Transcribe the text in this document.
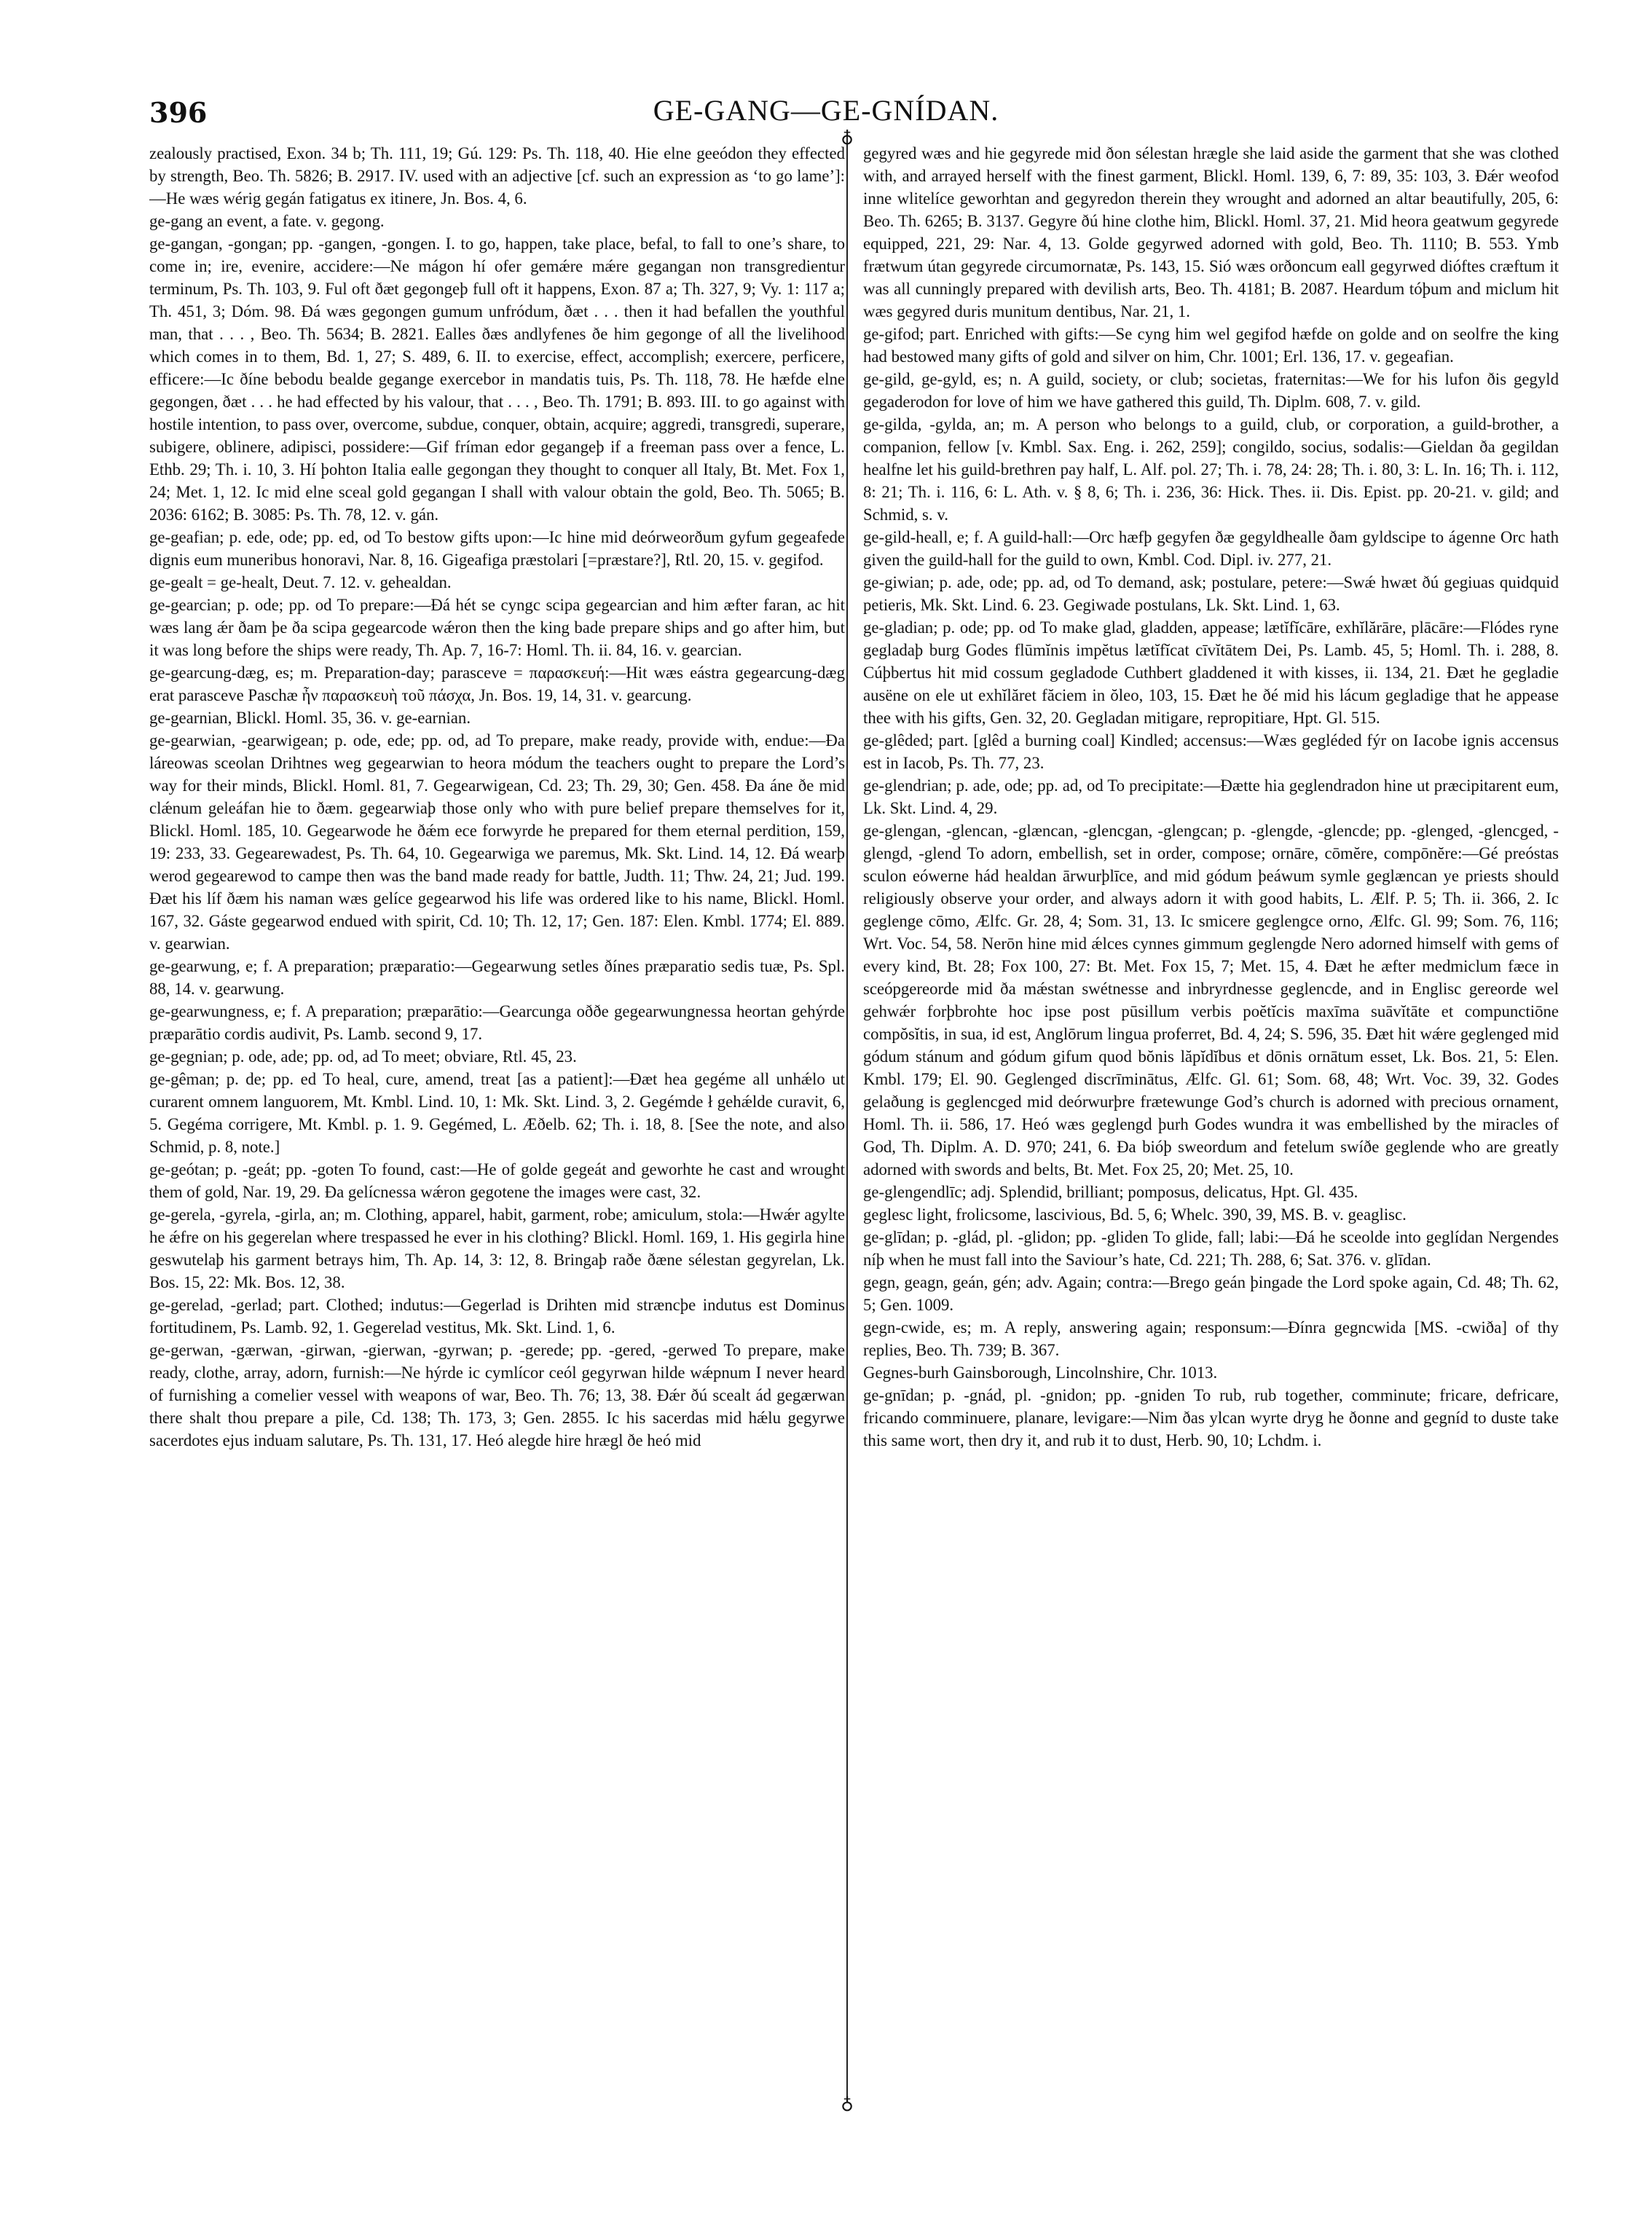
396	GE-GANG—GE-GNÍDAN.
♁
♁

zealously practised, Exon. 34 b; Th. 111, 19; Gú. 129: Ps. Th. 118, 40. Hie elne geeódon they effected by strength, Beo. Th. 5826; B. 2917. IV. used with an adjective [cf. such an expression as ‘to go lame’]:—He wæs wérig gegán fatigatus ex itinere, Jn. Bos. 4, 6.

ge-gang an event, a fate. v. gegong.

ge-gangan, -gongan; pp. -gangen, -gongen. I. to go, happen, take place, befal, to fall to one’s share, to come in; ire, evenire, accidere:—Ne mágon hí ofer gemǽre mǽre gegangan non transgredientur terminum, Ps. Th. 103, 9. Ful oft ðæt gegongeþ full oft it happens, Exon. 87 a; Th. 327, 9; Vy. 1: 117 a; Th. 451, 3; Dóm. 98. Ðá wæs gegongen gumum unfródum, ðæt . . . then it had befallen the youthful man, that . . . , Beo. Th. 5634; B. 2821. Ealles ðæs andlyfenes ðe him gegonge of all the livelihood which comes in to them, Bd. 1, 27; S. 489, 6. II. to exercise, effect, accomplish; exercere, perficere, efficere:—Ic ðíne bebodu bealde gegange exercebor in mandatis tuis, Ps. Th. 118, 78. He hæfde elne gegongen, ðæt . . . he had effected by his valour, that . . . , Beo. Th. 1791; B. 893. III. to go against with hostile intention, to pass over, overcome, subdue, conquer, obtain, acquire; aggredi, transgredi, superare, subigere, oblinere, adipisci, possidere:—Gif fríman edor gegangeþ if a freeman pass over a fence, L. Ethb. 29; Th. i. 10, 3. Hí þohton Italia ealle gegongan they thought to conquer all Italy, Bt. Met. Fox 1, 24; Met. 1, 12. Ic mid elne sceal gold gegangan I shall with valour obtain the gold, Beo. Th. 5065; B. 2036: 6162; B. 3085: Ps. Th. 78, 12. v. gán.

ge-geafian; p. ede, ode; pp. ed, od To bestow gifts upon:—Ic hine mid deórweorðum gyfum gegeafede dignis eum muneribus honoravi, Nar. 8, 16. Gigeafiga præstolari [=præstare?], Rtl. 20, 15. v. gegifod.

ge-gealt = ge-healt, Deut. 7. 12. v. gehealdan.

ge-gearcian; p. ode; pp. od To prepare:—Ðá hét se cyngc scipa gegearcian and him æfter faran, ac hit wæs lang ǽr ðam þe ða scipa gegearcode wǽron then the king bade prepare ships and go after him, but it was long before the ships were ready, Th. Ap. 7, 16-7: Homl. Th. ii. 84, 16. v. gearcian.

ge-gearcung-dæg, es; m. Preparation-day; parasceve = παρασκευή:—Hit wæs eástra gegearcung-dæg erat parasceve Paschæ ἦν παρασκευὴ τοῦ πάσχα, Jn. Bos. 19, 14, 31. v. gearcung.

ge-gearnian, Blickl. Homl. 35, 36. v. ge-earnian.

ge-gearwian, -gearwigean; p. ode, ede; pp. od, ad To prepare, make ready, provide with, endue:—Ða láreowas sceolan Drihtnes weg gegearwian to heora módum the teachers ought to prepare the Lord’s way for their minds, Blickl. Homl. 81, 7. Gegearwigean, Cd. 23; Th. 29, 30; Gen. 458. Ða áne ðe mid clǽnum geleáfan hie to ðæm. gegearwiaþ those only who with pure belief prepare themselves for it, Blickl. Homl. 185, 10. Gegearwode he ðǽm ece forwyrde he prepared for them eternal perdition, 159, 19: 233, 33. Gegearewadest, Ps. Th. 64, 10. Gegearwiga we paremus, Mk. Skt. Lind. 14, 12. Ðá wearþ werod gegearewod to campe then was the band made ready for battle, Judth. 11; Thw. 24, 21; Jud. 199. Ðæt his líf ðæm his naman wæs gelíce gegearwod his life was ordered like to his name, Blickl. Homl. 167, 32. Gáste gegearwod endued with spirit, Cd. 10; Th. 12, 17; Gen. 187: Elen. Kmbl. 1774; El. 889. v. gearwian.

ge-gearwung, e; f. A preparation; præparatio:—Gegearwung setles ðínes præparatio sedis tuæ, Ps. Spl. 88, 14. v. gearwung.

ge-gearwungness, e; f. A preparation; præparātio:—Gearcunga oððe gegearwungnessa heortan gehýrde præparātio cordis audivit, Ps. Lamb. second 9, 17.

ge-gegnian; p. ode, ade; pp. od, ad To meet; obviare, Rtl. 45, 23.

ge-gêman; p. de; pp. ed To heal, cure, amend, treat [as a patient]:—Ðæt hea gegéme all unhǽlo ut curarent omnem languorem, Mt. Kmbl. Lind. 10, 1: Mk. Skt. Lind. 3, 2. Gegémde ł gehǽlde curavit, 6, 5. Gegéma corrigere, Mt. Kmbl. p. 1. 9. Gegémed, L. Æðelb. 62; Th. i. 18, 8. [See the note, and also Schmid, p. 8, note.]

ge-geótan; p. -geát; pp. -goten To found, cast:—He of golde gegeát and geworhte he cast and wrought them of gold, Nar. 19, 29. Ða gelícnessa wǽron gegotene the images were cast, 32.

ge-gerela, -gyrela, -girla, an; m. Clothing, apparel, habit, garment, robe; amiculum, stola:—Hwǽr agylte he ǽfre on his gegerelan where trespassed he ever in his clothing? Blickl. Homl. 169, 1. His gegirla hine geswutelaþ his garment betrays him, Th. Ap. 14, 3: 12, 8. Bringaþ raðe ðæne sélestan gegyrelan, Lk. Bos. 15, 22: Mk. Bos. 12, 38.

ge-gerelad, -gerlad; part. Clothed; indutus:—Gegerlad is Drihten mid stræncþe indutus est Dominus fortitudinem, Ps. Lamb. 92, 1. Gegerelad vestitus, Mk. Skt. Lind. 1, 6.

ge-gerwan, -gærwan, -girwan, -gierwan, -gyrwan; p. -gerede; pp. -gered, -gerwed To prepare, make ready, clothe, array, adorn, furnish:—Ne hýrde ic cymlícor ceól gegyrwan hilde wǽpnum I never heard of furnishing a comelier vessel with weapons of war, Beo. Th. 76; 13, 38. Ðǽr ðú scealt ád gegærwan there shalt thou prepare a pile, Cd. 138; Th. 173, 3; Gen. 2855. Ic his sacerdas mid hǽlu gegyrwe sacerdotes ejus induam salutare, Ps. Th. 131, 17. Heó alegde hire hrægl ðe heó mid

gegyred wæs and hie gegyrede mid ðon sélestan hrægle she laid aside the garment that she was clothed with, and arrayed herself with the finest garment, Blickl. Homl. 139, 6, 7: 89, 35: 103, 3. Ðǽr weofod inne wlitelíce geworhtan and gegyredon therein they wrought and adorned an altar beautifully, 205, 6: Beo. Th. 6265; B. 3137. Gegyre ðú hine clothe him, Blickl. Homl. 37, 21. Mid heora geatwum gegyrede equipped, 221, 29: Nar. 4, 13. Golde gegyrwed adorned with gold, Beo. Th. 1110; B. 553. Ymb frætwum útan gegyrede circumornatæ, Ps. 143, 15. Sió wæs orðoncum eall gegyrwed dióftes cræftum it was all cunningly prepared with devilish arts, Beo. Th. 4181; B. 2087. Heardum tóþum and miclum hit wæs gegyred duris munitum dentibus, Nar. 21, 1.

ge-gifod; part. Enriched with gifts:—Se cyng him wel gegifod hæfde on golde and on seolfre the king had bestowed many gifts of gold and silver on him, Chr. 1001; Erl. 136, 17. v. gegeafian.

ge-gild, ge-gyld, es; n. A guild, society, or club; societas, fraternitas:—We for his lufon ðis gegyld gegaderodon for love of him we have gathered this guild, Th. Diplm. 608, 7. v. gild.

ge-gilda, -gylda, an; m. A person who belongs to a guild, club, or corporation, a guild-brother, a companion, fellow [v. Kmbl. Sax. Eng. i. 262, 259]; congildo, socius, sodalis:—Gieldan ða gegildan healfne let his guild-brethren pay half, L. Alf. pol. 27; Th. i. 78, 24: 28; Th. i. 80, 3: L. In. 16; Th. i. 112, 8: 21; Th. i. 116, 6: L. Ath. v. § 8, 6; Th. i. 236, 36: Hick. Thes. ii. Dis. Epist. pp. 20-21. v. gild; and Schmid, s. v.

ge-gild-heall, e; f. A guild-hall:—Orc hæfþ gegyfen ðæ gegyldhealle ðam gyldscipe to ágenne Orc hath given the guild-hall for the guild to own, Kmbl. Cod. Dipl. iv. 277, 21.

ge-giwian; p. ade, ode; pp. ad, od To demand, ask; postulare, petere:—Swǽ hwæt ðú gegiuas quidquid petieris, Mk. Skt. Lind. 6. 23. Gegiwade postulans, Lk. Skt. Lind. 1, 63.

ge-gladian; p. ode; pp. od To make glad, gladden, appease; lætĭfĭcāre, exhĭlărāre, plācāre:—Flódes ryne gegladaþ burg Godes flūmĭnis impĕtus lætĭfĭcat cīvĭtātem Dei, Ps. Lamb. 45, 5; Homl. Th. i. 288, 8. Cúþbertus hit mid cossum gegladode Cuthbert gladdened it with kisses, ii. 134, 21. Ðæt he gegladie ausëne on ele ut exhĭlăret făciem in ŏleo, 103, 15. Ðæt he ðé mid his lácum gegladige that he appease thee with his gifts, Gen. 32, 20. Gegladan mitigare, repropitiare, Hpt. Gl. 515.

ge-glêded; part. [glêd a burning coal] Kindled; accensus:—Wæs gegléded fýr on Iacobe ignis accensus est in Iacob, Ps. Th. 77, 23.

ge-glendrian; p. ade, ode; pp. ad, od To precipitate:—Ðætte hia geglendradon hine ut præcipitarent eum, Lk. Skt. Lind. 4, 29.

ge-glengan, -glencan, -glæncan, -glencgan, -glengcan; p. -glengde, -glencde; pp. -glenged, -glencged, -glengd, -glend To adorn, embellish, set in order, compose; ornāre, cōmĕre, compōnĕre:—Gé preóstas sculon eówerne hád healdan ārwurþlīce, and mid gódum þeáwum symle geglæncan ye priests should religiously observe your order, and always adorn it with good habits, L. Ælf. P. 5; Th. ii. 366, 2. Ic geglenge cōmo, Ælfc. Gr. 28, 4; Som. 31, 13. Ic smicere geglengce orno, Ælfc. Gl. 99; Som. 76, 116; Wrt. Voc. 54, 58. Nerōn hine mid ǽlces cynnes gimmum geglengde Nero adorned himself with gems of every kind, Bt. 28; Fox 100, 27: Bt. Met. Fox 15, 7; Met. 15, 4. Ðæt he æfter medmiclum fæce in sceópgereorde mid ða mǽstan swétnesse and inbryrdnesse geglencde, and in Englisc gereorde wel gehwǽr forþbrohte hoc ipse post pūsillum verbis poĕtĭcis maxīma suāvĭtāte et compunctiōne compŏsĭtis, in sua, id est, Anglōrum lingua proferret, Bd. 4, 24; S. 596, 35. Ðæt hit wǽre geglenged mid gódum stánum and gódum gifum quod bŏnis lăpĭdĭbus et dōnis ornātum esset, Lk. Bos. 21, 5: Elen. Kmbl. 179; El. 90. Geglenged discrīminātus, Ælfc. Gl. 61; Som. 68, 48; Wrt. Voc. 39, 32. Godes gelaðung is geglencged mid deórwurþre frætewunge God’s church is adorned with precious ornament, Homl. Th. ii. 586, 17. Heó wæs geglengd þurh Godes wundra it was embellished by the miracles of God, Th. Diplm. A. D. 970; 241, 6. Ða bióþ sweordum and fetelum swíðe geglende who are greatly adorned with swords and belts, Bt. Met. Fox 25, 20; Met. 25, 10.

ge-glengendlīc; adj. Splendid, brilliant; pomposus, delicatus, Hpt. Gl. 435.

geglesc light, frolicsome, lascivious, Bd. 5, 6; Whelc. 390, 39, MS. B. v. geaglisc.

ge-glīdan; p. -glád, pl. -glidon; pp. -gliden To glide, fall; labi:—Ðá he sceolde into geglídan Nergendes níþ when he must fall into the Saviour’s hate, Cd. 221; Th. 288, 6; Sat. 376. v. glīdan.

gegn, geagn, geán, gén; adv. Again; contra:—Brego geán þingade the Lord spoke again, Cd. 48; Th. 62, 5; Gen. 1009.

gegn-cwide, es; m. A reply, answering again; responsum:—Ðínra gegncwida [MS. -cwiða] of thy replies, Beo. Th. 739; B. 367.

Gegnes-burh Gainsborough, Lincolnshire, Chr. 1013.

ge-gnīdan; p. -gnád, pl. -gnidon; pp. -gniden To rub, rub together, comminute; fricare, defricare, fricando comminuere, planare, levigare:—Nim ðas ylcan wyrte dryg he ðonne and gegníd to duste take this same wort, then dry it, and rub it to dust, Herb. 90, 10; Lchdm. i.
